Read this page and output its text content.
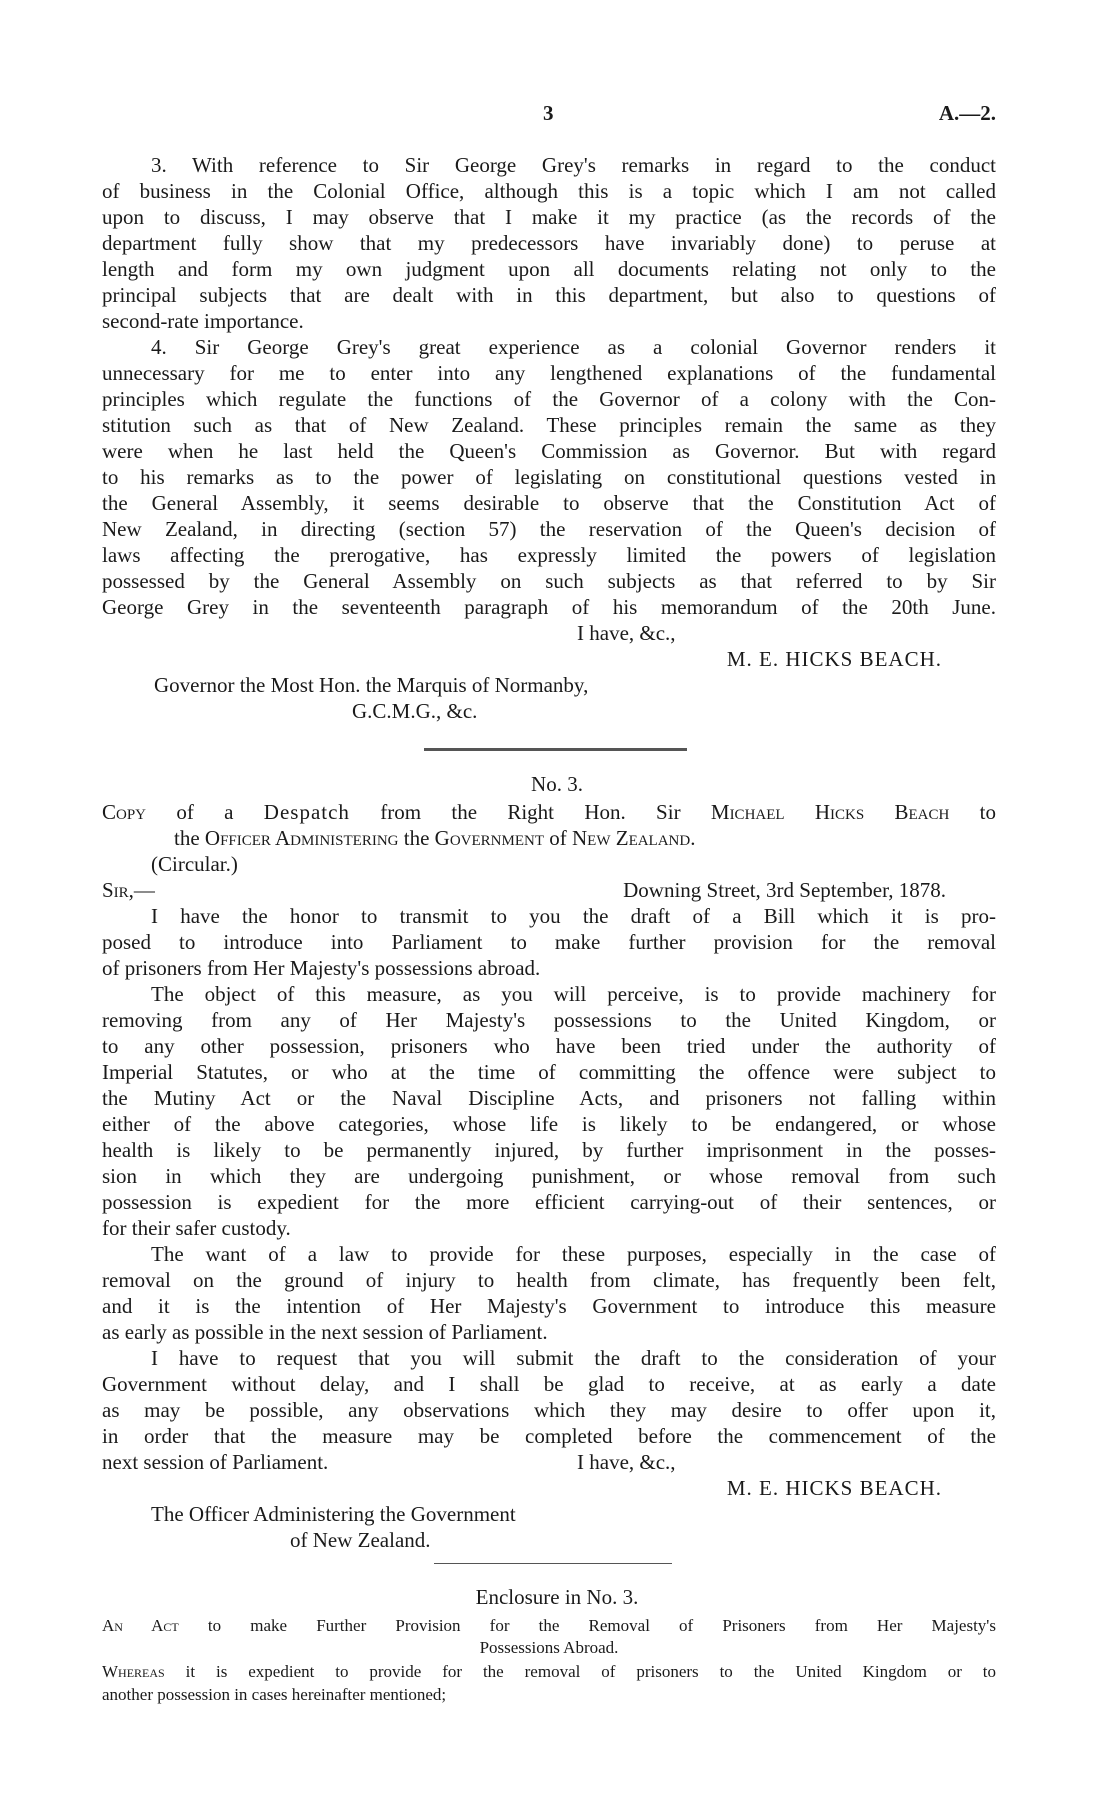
3	A.—2.
3. With reference to Sir George Grey's remarks in regard to the conduct
of business in the Colonial Office, although this is a topic which I am not called
upon to discuss, I may observe that I make it my practice (as the records of the
department fully show that my predecessors have invariably done) to peruse at
length and form my own judgment upon all documents relating not only to the
principal subjects that are dealt with in this department, but also to questions of
second-rate importance.
4. Sir George Grey's great experience as a colonial Governor renders it
unnecessary for me to enter into any lengthened explanations of the fundamental
principles which regulate the functions of the Governor of a colony with the Con-
stitution such as that of New Zealand. These principles remain the same as they
were when he last held the Queen's Commission as Governor. But with regard
to his remarks as to the power of legislating on constitutional questions vested in
the General Assembly, it seems desirable to observe that the Constitution Act of
New Zealand, in directing (section 57) the reservation of the Queen's decision of
laws affecting the prerogative, has expressly limited the powers of legislation
possessed by the General Assembly on such subjects as that referred to by Sir
George Grey in the seventeenth paragraph of his memorandum of the 20th June.
I have, &c.,
M. E. HICKS BEACH.
Governor the Most Hon. the Marquis of Normanby,
G.C.M.G., &c.
No. 3.
Copy of a Despatch from the Right Hon. Sir Michael Hicks Beach to
the Officer Administering the Government of New Zealand.
(Circular.)
Sir,—	Downing Street, 3rd September, 1878.
I have the honor to transmit to you the draft of a Bill which it is pro-
posed to introduce into Parliament to make further provision for the removal
of prisoners from Her Majesty's possessions abroad.
The object of this measure, as you will perceive, is to provide machinery for
removing from any of Her Majesty's possessions to the United Kingdom, or
to any other possession, prisoners who have been tried under the authority of
Imperial Statutes, or who at the time of committing the offence were subject to
the Mutiny Act or the Naval Discipline Acts, and prisoners not falling within
either of the above categories, whose life is likely to be endangered, or whose
health is likely to be permanently injured, by further imprisonment in the posses-
sion in which they are undergoing punishment, or whose removal from such
possession is expedient for the more efficient carrying-out of their sentences, or
for their safer custody.
The want of a law to provide for these purposes, especially in the case of
removal on the ground of injury to health from climate, has frequently been felt,
and it is the intention of Her Majesty's Government to introduce this measure
as early as possible in the next session of Parliament.
I have to request that you will submit the draft to the consideration of your
Government without delay, and I shall be glad to receive, at as early a date
as may be possible, any observations which they may desire to offer upon it,
in order that the measure may be completed before the commencement of the
next session of Parliament.	I have, &c.,
M. E. HICKS BEACH.
The Officer Administering the Government
of New Zealand.
Enclosure in No. 3.
An Act to make Further Provision for the Removal of Prisoners from Her Majesty's
Possessions Abroad.
Whereas it is expedient to provide for the removal of prisoners to the United Kingdom or to
another possession in cases hereinafter mentioned;
